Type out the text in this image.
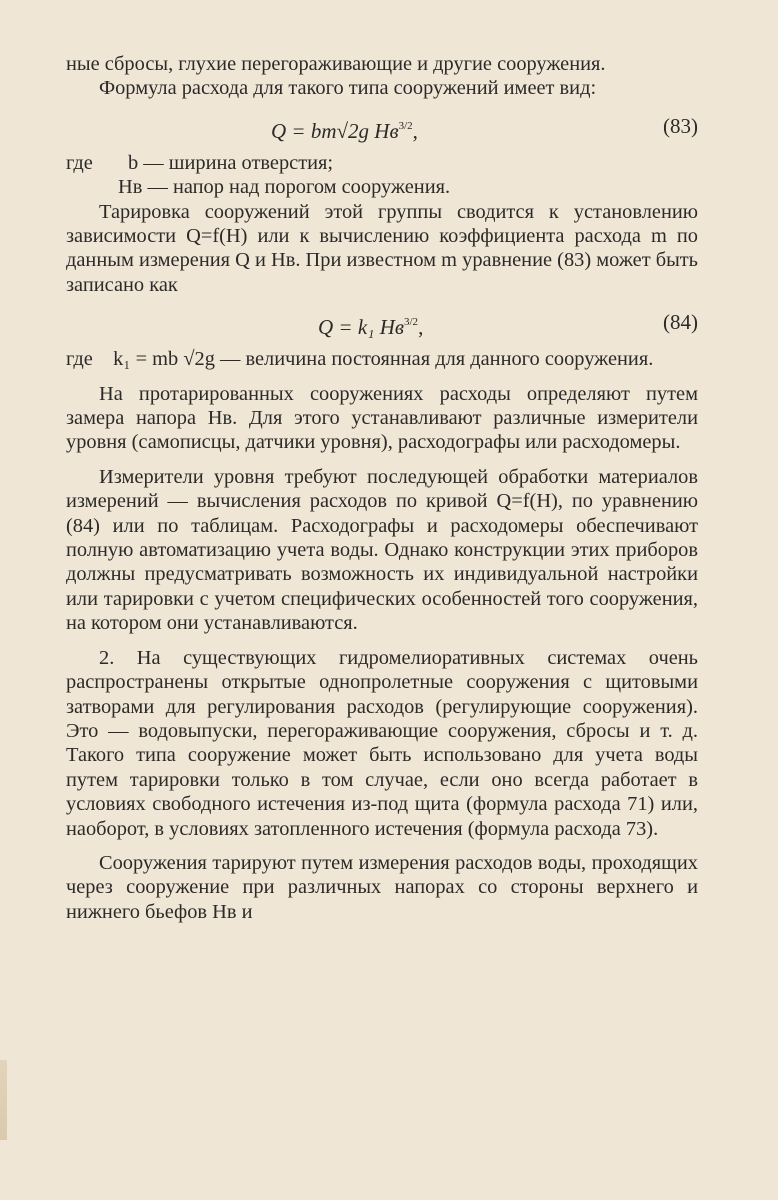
ные сбросы, глухие перегораживающие и другие сооружения.

Формула расхода для такого типа сооружений имеет вид:

Q = bm√2g $Hв^{3/2}$,	(83)
где b — ширина отверстия;
Hв — напор над порогом сооружения.

Тарировка сооружений этой группы сводится к установлению зависимости Q=f(H) или к вычислению коэффициента расхода m по данным измерения Q и Hв. При известном m уравнение (83) может быть записано как

Q = k₁ $Hв^{3/2}$,	(84)

где k₁ = mb √2g — величина постоянная для данного сооружения.

На протарированных сооружениях расходы определяют путем замера напора Hв. Для этого устанавливают различные измерители уровня (самописцы, датчики уровня), расходографы или расходомеры.

Измерители уровня требуют последующей обработки материалов измерений — вычисления расходов по кривой Q=f(H), по уравнению (84) или по таблицам. Расходографы и расходомеры обеспечивают полную автоматизацию учета воды. Однако конструкции этих приборов должны предусматривать возможность их индивидуальной настройки или тарировки с учетом специфических особенностей того сооружения, на котором они устанавливаются.

2. На существующих гидромелиоративных системах очень распространены открытые однопролетные сооружения с щитовыми затворами для регулирования расходов (регулирующие сооружения). Это — водовыпуски, перегораживающие сооружения, сбросы и т. д. Такого типа сооружение может быть использовано для учета воды путем тарировки только в том случае, если оно всегда работает в условиях свободного истечения из-под щита (формула расхода 71) или, наоборот, в условиях затопленного истечения (формула расхода 73).

Сооружения тарируют путем измерения расходов воды, проходящих через сооружение при различных напорах со стороны верхнего и нижнего бьефов Hв и
